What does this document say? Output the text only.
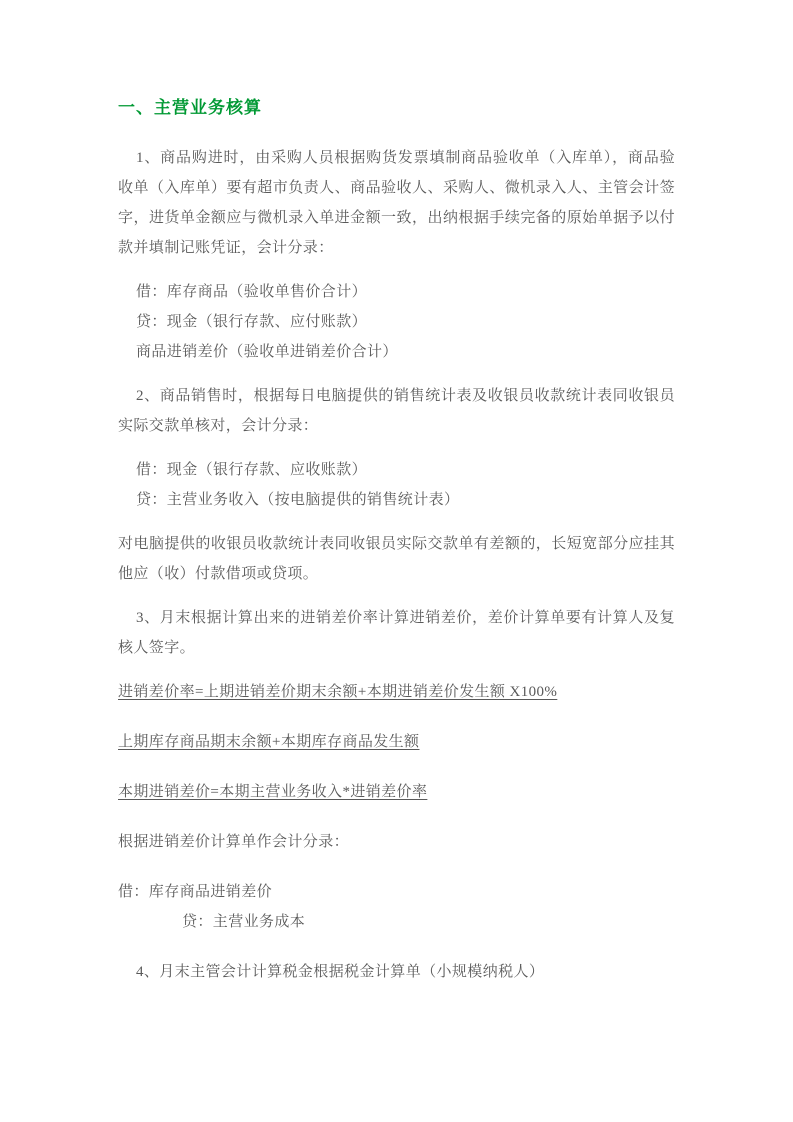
一、主营业务核算

1、商品购进时，由采购人员根据购货发票填制商品验收单（入库单），商品验收单（入库单）要有超市负责人、商品验收人、采购人、微机录入人、主管会计签字，进货单金额应与微机录入单进金额一致，出纳根据手续完备的原始单据予以付款并填制记账凭证，会计分录：

借：库存商品（验收单售价合计）

贷：现金（银行存款、应付账款）

商品进销差价（验收单进销差价合计）

2、商品销售时，根据每日电脑提供的销售统计表及收银员收款统计表同收银员实际交款单核对，会计分录：

借：现金（银行存款、应收账款）

贷：主营业务收入（按电脑提供的销售统计表）

对电脑提供的收银员收款统计表同收银员实际交款单有差额的，长短宽部分应挂其他应（收）付款借项或贷项。

3、月末根据计算出来的进销差价率计算进销差价，差价计算单要有计算人及复核人签字。

进销差价率=上期进销差价期末余额+本期进销差价发生额 X100%

上期库存商品期末余额+本期库存商品发生额

本期进销差价=本期主营业务收入*进销差价率

根据进销差价计算单作会计分录：

借：库存商品进销差价

贷：主营业务成本

4、月末主管会计计算税金根据税金计算单（小规模纳税人）
